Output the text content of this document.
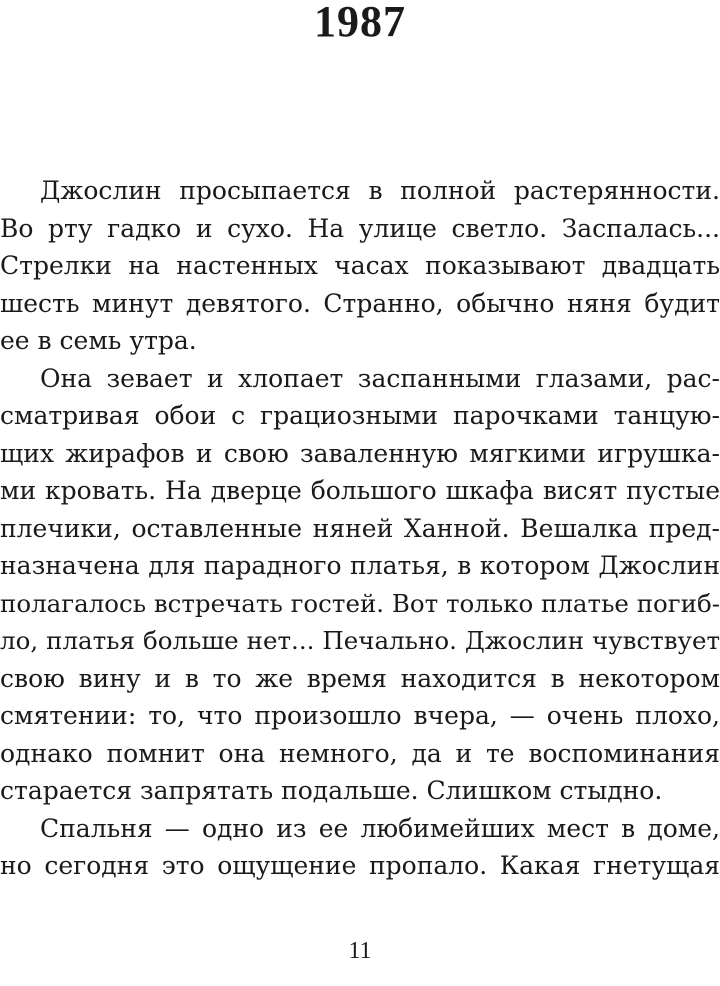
1987

Джослин просыпается в полной растерянности.
Во рту гадко и сухо. На улице светло. Заспалась...
Стрелки на настенных часах показывают двадцать
шесть минут девятого. Странно, обычно няня будит
ее в семь утра.

Она зевает и хлопает заспанными глазами, рас-
сматривая обои с грациозными парочками танцую-
щих жирафов и свою заваленную мягкими игрушка-
ми кровать. На дверце большого шкафа висят пустые
плечики, оставленные няней Ханной. Вешалка пред-
назначена для парадного платья, в котором Джослин
полагалось встречать гостей. Вот только платье погиб-
ло, платья больше нет... Печально. Джослин чувствует
свою вину и в то же время находится в некотором
смятении: то, что произошло вчера, — очень плохо,
однако помнит она немного, да и те воспоминания
старается запрятать подальше. Слишком стыдно.

Спальня — одно из ее любимейших мест в доме,
но сегодня это ощущение пропало. Какая гнетущая

11
